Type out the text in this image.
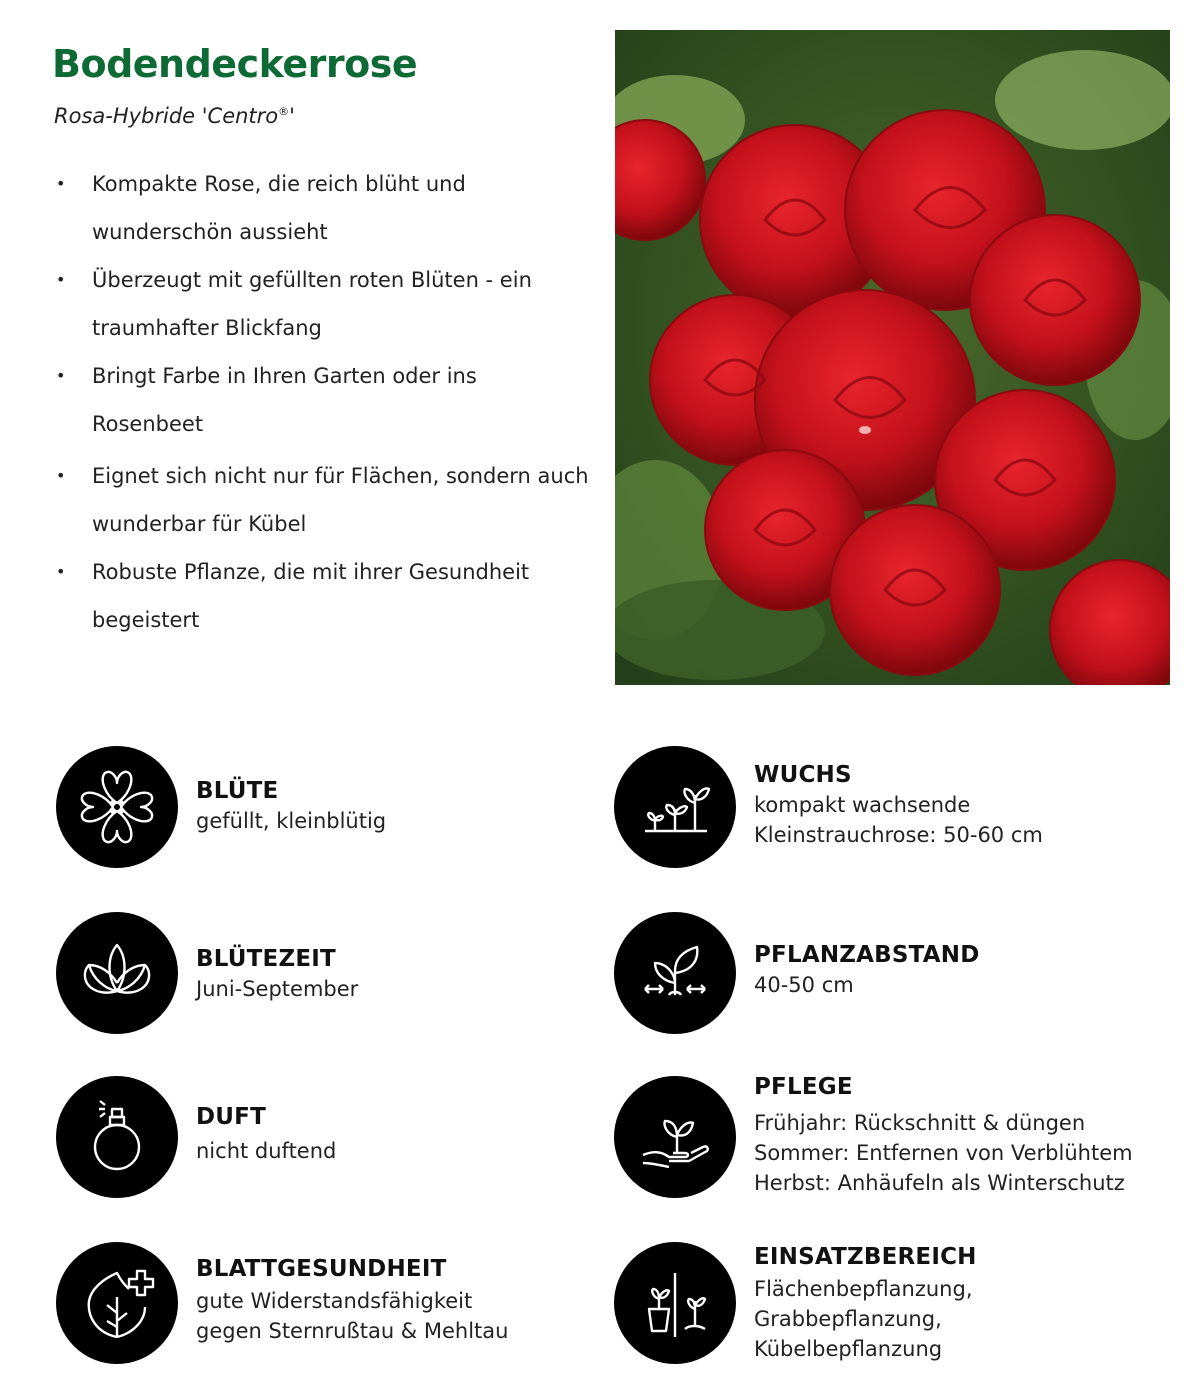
Bodendeckerrose

Rosa-Hybride 'Centro®'

• Kompakte Rose, die reich blüht und wunderschön aussieht
• Überzeugt mit gefüllten roten Blüten - ein traumhafter Blickfang
• Bringt Farbe in Ihren Garten oder ins Rosenbeet
• Eignet sich nicht nur für Flächen, sondern auch wunderbar für Kübel
• Robuste Pflanze, die mit ihrer Gesundheit begeistert
BLÜTE
gefüllt, kleinblütig
BLÜTEZEIT
Juni-September
DUFT
nicht duftend
BLATTGESUNDHEIT
gute Widerstandsfähigkeit
gegen Sternrußtau & Mehltau
WUCHS
kompakt wachsende
Kleinstrauchrose: 50-60 cm
PFLANZABSTAND
40-50 cm
PFLEGE
Frühjahr: Rückschnitt & düngen
Sommer: Entfernen von Verblühtem
Herbst: Anhäufeln als Winterschutz
EINSATZBEREICH
Flächenbepflanzung,
Grabbepflanzung,
Kübelbepflanzung
